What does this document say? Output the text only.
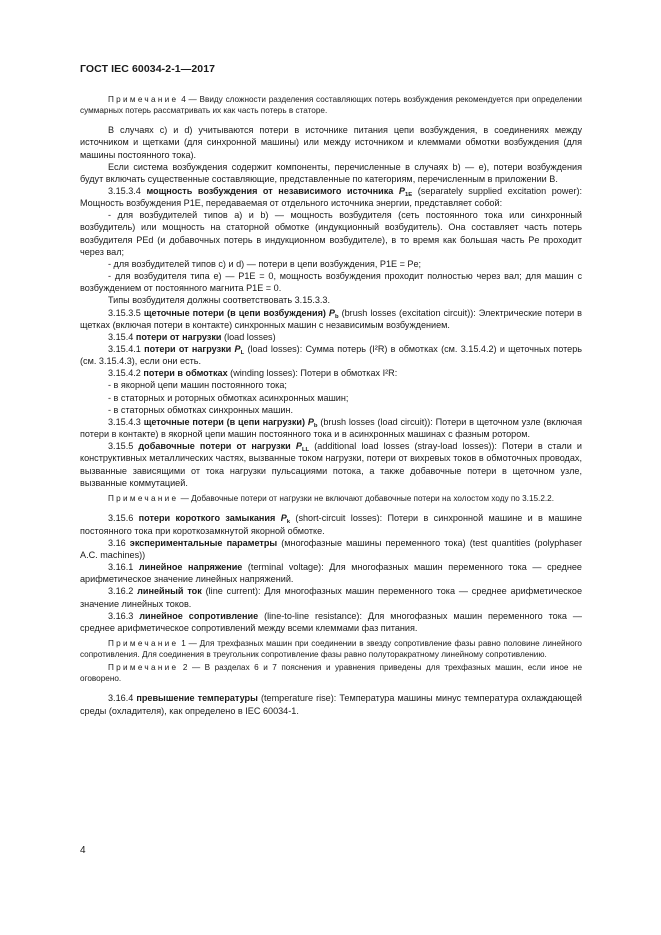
ГОСТ IEC 60034-2-1—2017

Примечание 4 — Ввиду сложности разделения составляющих потерь возбуждения рекомендуется при определении суммарных потерь рассматривать их как часть потерь в статоре.

В случаях с) и d) учитываются потери в источнике питания цепи возбуждения, в соединениях между источником и щетками (для синхронной машины) или между источником и клеммами обмотки возбуждения (для машины постоянного тока).

Если система возбуждения содержит компоненты, перечисленные в случаях b) — e), потери возбуждения будут включать существенные составляющие, представленные по категориям, перечисленным в приложении В.

3.15.3.4 мощность возбуждения от независимого источника $P_{1E}$ (separately supplied excitation power): Мощность возбуждения P1E, передаваемая от отдельного источника энергии, представляет собой:

- для возбудителей типов a) и b) — мощность возбудителя (сеть постоянного тока или синхронный возбудитель) или мощность на статорной обмотке (индукционный возбудитель). Она составляет часть потерь возбудителя PEd (и добавочных потерь в индукционном возбудителе), в то время как большая часть Pe проходит через вал;

- для возбудителей типов c) и d) — потери в цепи возбуждения, P1E = Pe;

- для возбудителя типа e) — P1E = 0, мощность возбуждения проходит полностью через вал; для машин с возбуждением от постоянного магнита P1E = 0.

Типы возбудителя должны соответствовать 3.15.3.3.

3.15.3.5 щеточные потери (в цепи возбуждения) $P_b$ (brush losses (excitation circuit)): Электрические потери в щетках (включая потери в контакте) синхронных машин с независимым возбуждением.

3.15.4 потери от нагрузки (load losses)

3.15.4.1 потери от нагрузки $P_L$ (load losses): Сумма потерь (I²R) в обмотках (см. 3.15.4.2) и щеточных потерь (см. 3.15.4.3), если они есть.

3.15.4.2 потери в обмотках (winding losses): Потери в обмотках I²R:

- в якорной цепи машин постоянного тока;

- в статорных и роторных обмотках асинхронных машин;

- в статорных обмотках синхронных машин.

3.15.4.3 щеточные потери (в цепи нагрузки) $P_b$ (brush losses (load circuit)): Потери в щеточном узле (включая потери в контакте) в якорной цепи машин постоянного тока и в асинхронных машинах с фазным ротором.

3.15.5 добавочные потери от нагрузки $P_{LL}$ (additional load losses (stray-load losses)): Потери в стали и конструктивных металлических частях, вызванные током нагрузки, потери от вихревых токов в обмоточных проводах, вызванные зависящими от тока нагрузки пульсациями потока, а также добавочные потери в щеточном узле, вызванные коммутацией.

Примечание — Добавочные потери от нагрузки не включают добавочные потери на холостом ходу по 3.15.2.2.

3.15.6 потери короткого замыкания $P_k$ (short-circuit losses): Потери в синхронной машине и в машине постоянного тока при короткозамкнутой якорной обмотке.

3.16 экспериментальные параметры (многофазные машины переменного тока) (test quantities (polyphaser A.C. machines))

3.16.1 линейное напряжение (terminal voltage): Для многофазных машин переменного тока — среднее арифметическое значение линейных напряжений.

3.16.2 линейный ток (line current): Для многофазных машин переменного тока — среднее арифметическое значение линейных токов.

3.16.3 линейное сопротивление (line-to-line resistance): Для многофазных машин переменного тока — среднее арифметическое сопротивлений между всеми клеммами фаз питания.

Примечание 1 — Для трехфазных машин при соединении в звезду сопротивление фазы равно половине линейного сопротивления. Для соединения в треугольник сопротивление фазы равно полуторакратному линейному сопротивлению.

Примечание 2 — В разделах 6 и 7 пояснения и уравнения приведены для трехфазных машин, если иное не оговорено.

3.16.4 превышение температуры (temperature rise): Температура машины минус температура охлаждающей среды (охладителя), как определено в IEC 60034-1.

4
